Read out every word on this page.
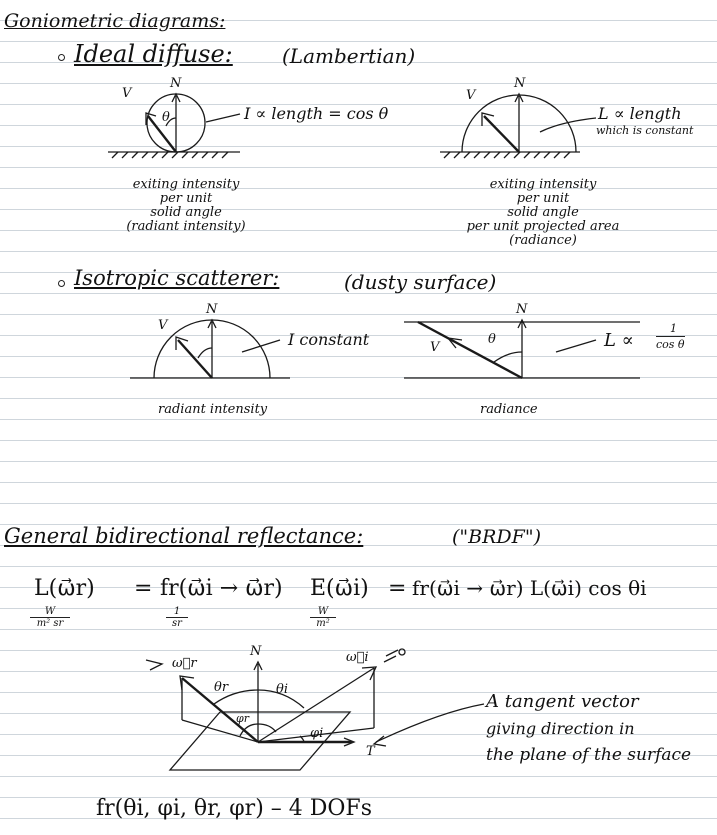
Goniometric diagrams:
Ideal diffuse: (Lambertian)
V
N
θ	I ∝ length = cos θ
exiting intensity
per unit
solid angle
(radiant intensity)
V
N
L ∝ length
which is constant
exiting intensity
per unit
solid angle
per unit projected area
(radiance)
Isotropic scatterer:	(dusty surface)
V
N
I constant
radiant intensity
V
N
θ	L ∝
1
cos θ
radiance
General bidirectional reflectance:	("BRDF")
L(ω⃗r) = fr(ω⃗i → ω⃗r) E(ω⃗i) = fr(ω⃗i → ω⃗r) L(ω⃗i) cos θi
W
m² sr
1
sr
W
m²
ω⃗r
N	ω⃗i
θr	θi
φr
φi
T
A tangent vector
giving direction in
the plane of the surface
fr(θi, φi, θr, φr) – 4 DOFs
